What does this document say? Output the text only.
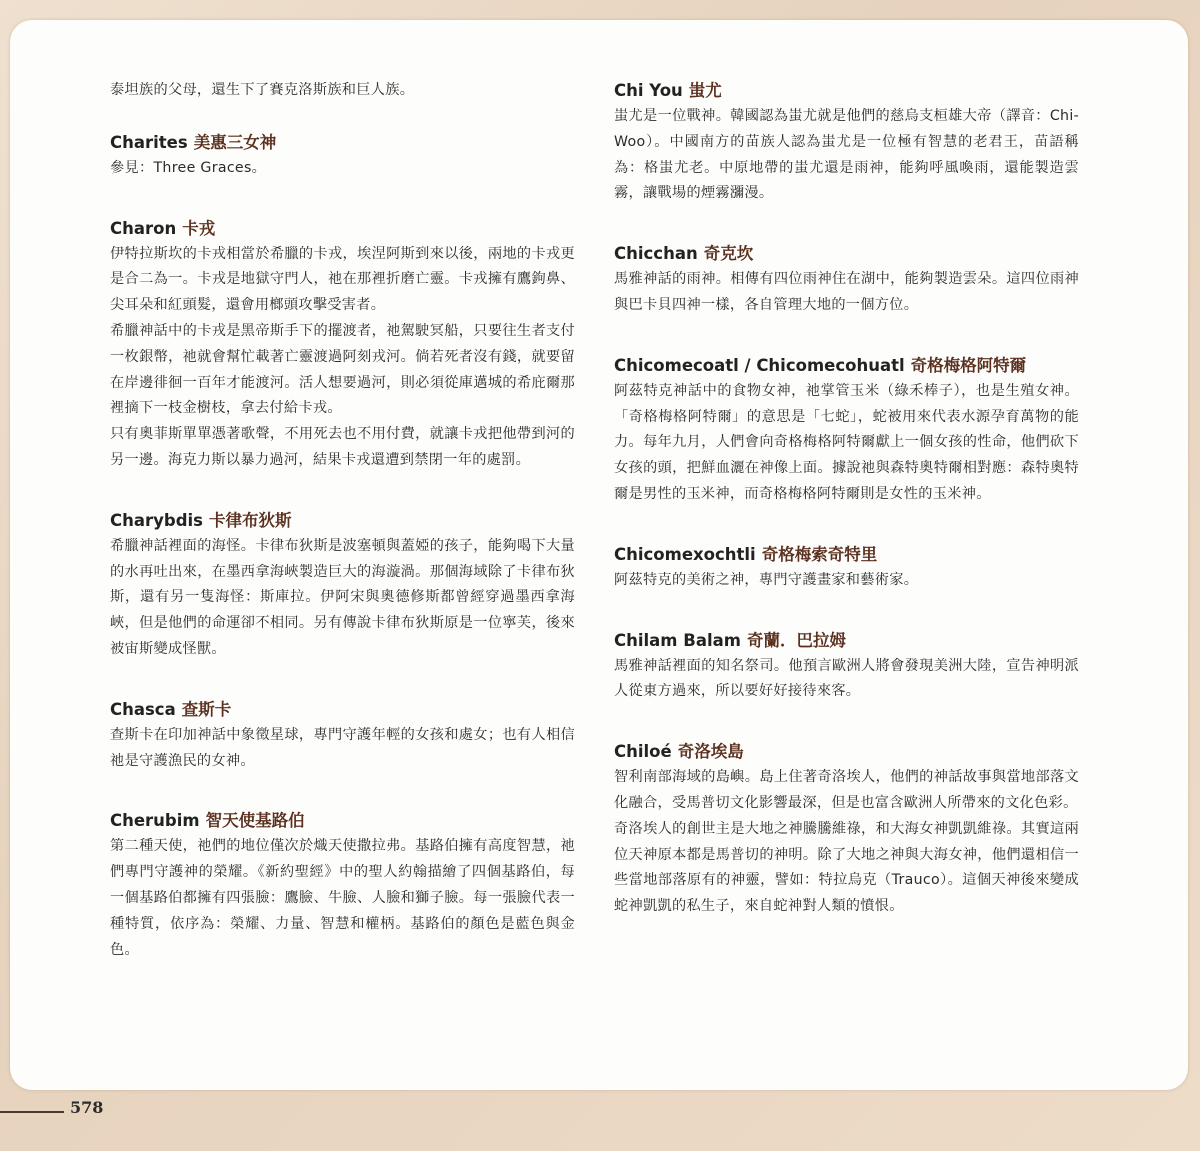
泰坦族的父母，還生下了賽克洛斯族和巨人族。

Charites 美惠三女神

參見：Three Graces。

Charon 卡戎

伊特拉斯坎的卡戎相當於希臘的卡戎，埃涅阿斯到來以後，兩地的卡戎更是合二為一。卡戎是地獄守門人，祂在那裡折磨亡靈。卡戎擁有鷹鉤鼻、尖耳朵和紅頭髮，還會用榔頭攻擊受害者。

希臘神話中的卡戎是黑帝斯手下的擺渡者，祂駕駛冥船，只要往生者支付一枚銀幣，祂就會幫忙載著亡靈渡過阿刻戎河。倘若死者沒有錢，就要留在岸邊徘徊一百年才能渡河。活人想要過河，則必須從庫邁城的希庇爾那裡摘下一枝金樹枝，拿去付給卡戎。

只有奧菲斯單單憑著歌聲，不用死去也不用付費，就讓卡戎把他帶到河的另一邊。海克力斯以暴力過河，結果卡戎還遭到禁閉一年的處罰。

Charybdis 卡律布狄斯

希臘神話裡面的海怪。卡律布狄斯是波塞頓與蓋婭的孩子，能夠喝下大量的水再吐出來，在墨西拿海峽製造巨大的海漩渦。那個海域除了卡律布狄斯，還有另一隻海怪：斯庫拉。伊阿宋與奧德修斯都曾經穿過墨西拿海峽，但是他們的命運卻不相同。另有傳說卡律布狄斯原是一位寧芙，後來被宙斯變成怪獸。

Chasca 查斯卡

查斯卡在印加神話中象徵星球，專門守護年輕的女孩和處女；也有人相信祂是守護漁民的女神。

Cherubim 智天使基路伯

第二種天使，祂們的地位僅次於熾天使撒拉弗。基路伯擁有高度智慧，祂們專門守護神的榮耀。《新約聖經》中的聖人約翰描繪了四個基路伯，每一個基路伯都擁有四張臉：鷹臉、牛臉、人臉和獅子臉。每一張臉代表一種特質，依序為：榮耀、力量、智慧和權柄。基路伯的顏色是藍色與金色。

Chi You 蚩尤

蚩尤是一位戰神。韓國認為蚩尤就是他們的慈烏支桓雄大帝（譯音：Chi-Woo）。中國南方的苗族人認為蚩尤是一位極有智慧的老君王，苗語稱為：格蚩尤老。中原地帶的蚩尤還是雨神，能夠呼風喚雨，還能製造雲霧，讓戰場的煙霧瀰漫。

Chicchan 奇克坎

馬雅神話的雨神。相傳有四位雨神住在湖中，能夠製造雲朵。這四位雨神與巴卡貝四神一樣，各自管理大地的一個方位。

Chicomecoatl / Chicomecohuatl 奇格梅格阿特爾

阿茲特克神話中的食物女神，祂掌管玉米（綠禾棒子），也是生殖女神。「奇格梅格阿特爾」的意思是「七蛇」，蛇被用來代表水源孕育萬物的能力。每年九月，人們會向奇格梅格阿特爾獻上一個女孩的性命，他們砍下女孩的頭，把鮮血灑在神像上面。據說祂與森特奧特爾相對應：森特奧特爾是男性的玉米神，而奇格梅格阿特爾則是女性的玉米神。

Chicomexochtli 奇格梅索奇特里

阿茲特克的美術之神，專門守護畫家和藝術家。

Chilam Balam 奇蘭．巴拉姆

馬雅神話裡面的知名祭司。他預言歐洲人將會發現美洲大陸，宣告神明派人從東方過來，所以要好好接待來客。

Chiloé 奇洛埃島

智利南部海域的島嶼。島上住著奇洛埃人，他們的神話故事與當地部落文化融合，受馬普切文化影響最深，但是也富含歐洲人所帶來的文化色彩。

奇洛埃人的創世主是大地之神騰騰維祿，和大海女神凱凱維祿。其實這兩位天神原本都是馬普切的神明。除了大地之神與大海女神，他們還相信一些當地部落原有的神靈，譬如：特拉烏克（Trauco）。這個天神後來變成蛇神凱凱的私生子，來自蛇神對人類的憤恨。

578
